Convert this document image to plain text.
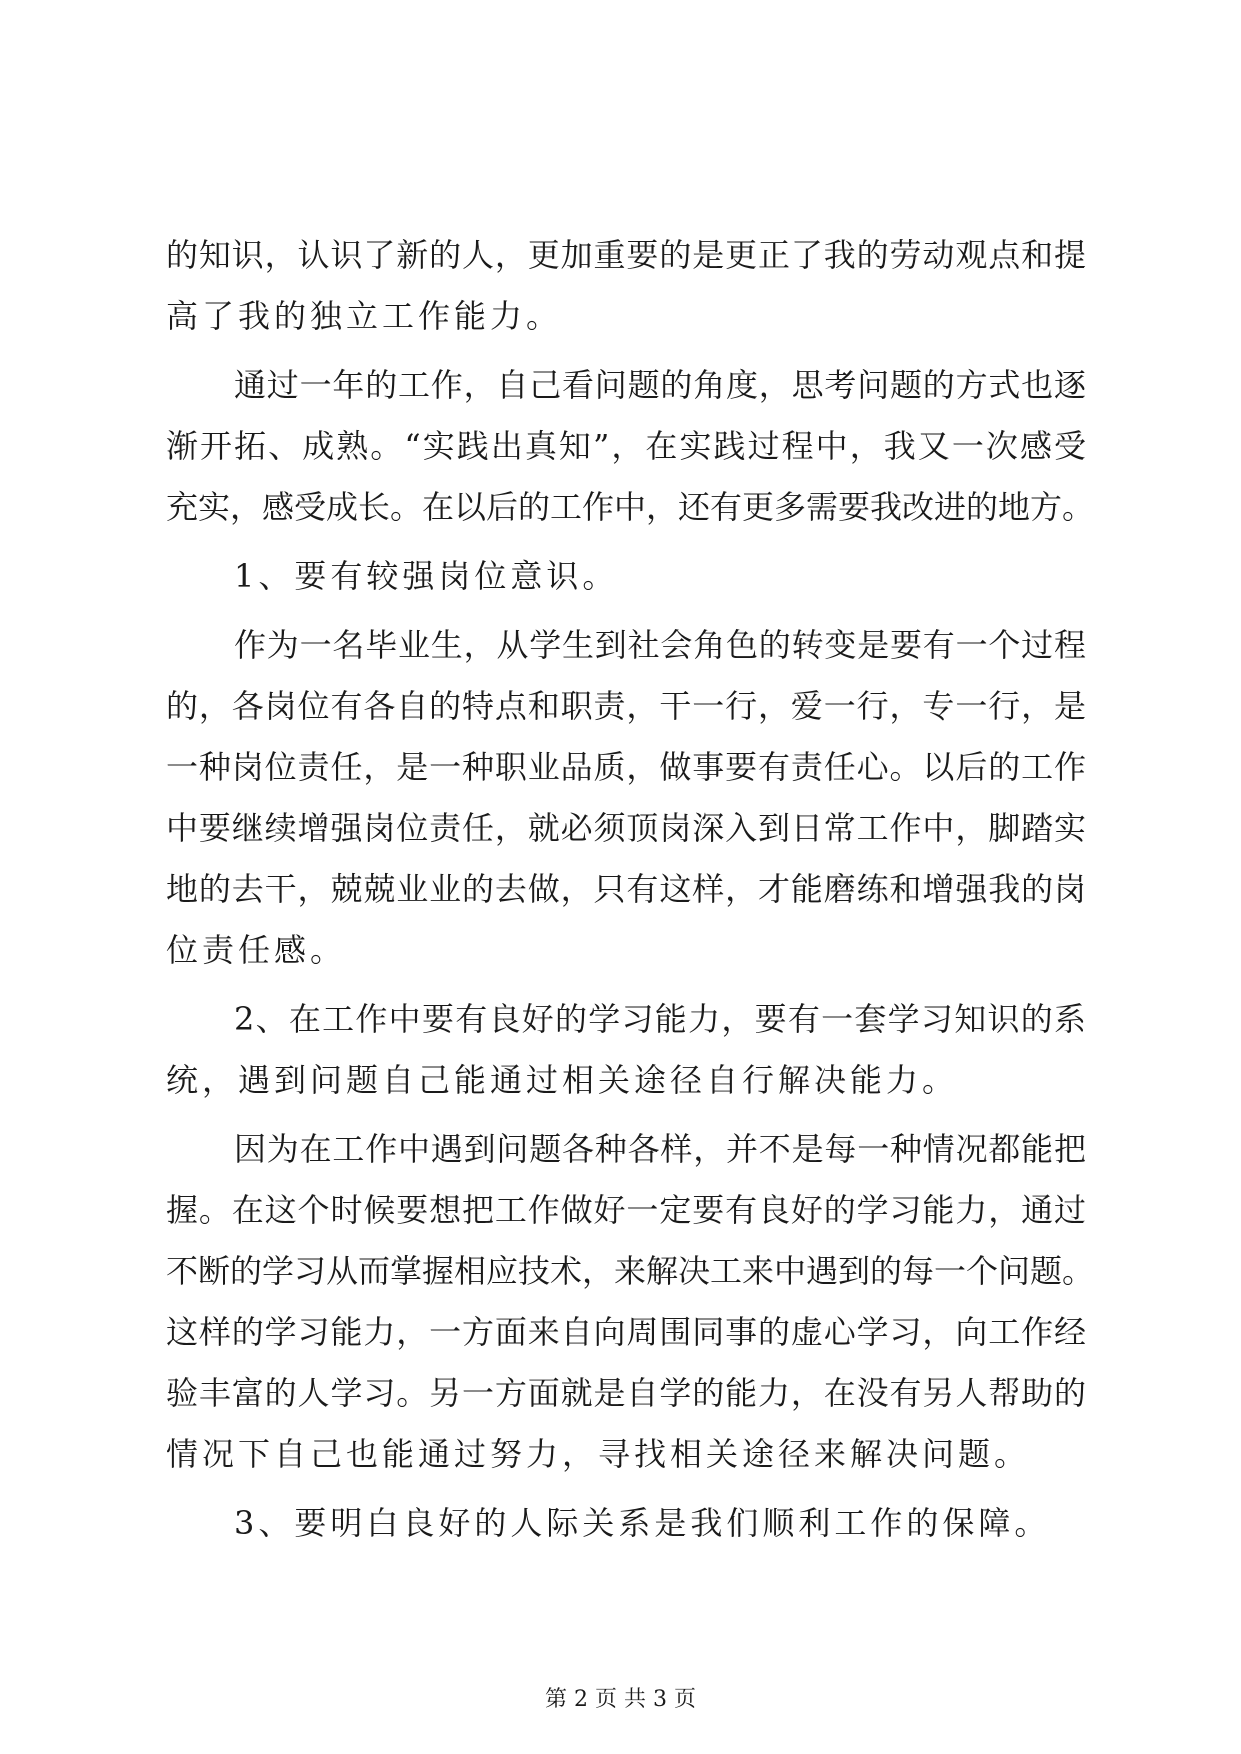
的知识，认识了新的人，更加重要的是更正了我的劳动观点和提
高了我的独立工作能力。
通过一年的工作，自己看问题的角度，思考问题的方式也逐
渐开拓、成熟。“实践出真知”，在实践过程中，我又一次感受
充实，感受成长。在以后的工作中，还有更多需要我改进的地方。
1、要有较强岗位意识。
作为一名毕业生，从学生到社会角色的转变是要有一个过程
的，各岗位有各自的特点和职责，干一行，爱一行，专一行，是
一种岗位责任，是一种职业品质，做事要有责任心。以后的工作
中要继续增强岗位责任，就必须顶岗深入到日常工作中，脚踏实
地的去干，兢兢业业的去做，只有这样，才能磨练和增强我的岗
位责任感。
2、在工作中要有良好的学习能力，要有一套学习知识的系
统，遇到问题自己能通过相关途径自行解决能力。
因为在工作中遇到问题各种各样，并不是每一种情况都能把
握。在这个时候要想把工作做好一定要有良好的学习能力，通过
不断的学习从而掌握相应技术，来解决工来中遇到的每一个问题。
这样的学习能力，一方面来自向周围同事的虚心学习，向工作经
验丰富的人学习。另一方面就是自学的能力，在没有另人帮助的
情况下自己也能通过努力，寻找相关途径来解决问题。
3、要明白良好的人际关系是我们顺利工作的保障。
第 2 页 共 3 页
